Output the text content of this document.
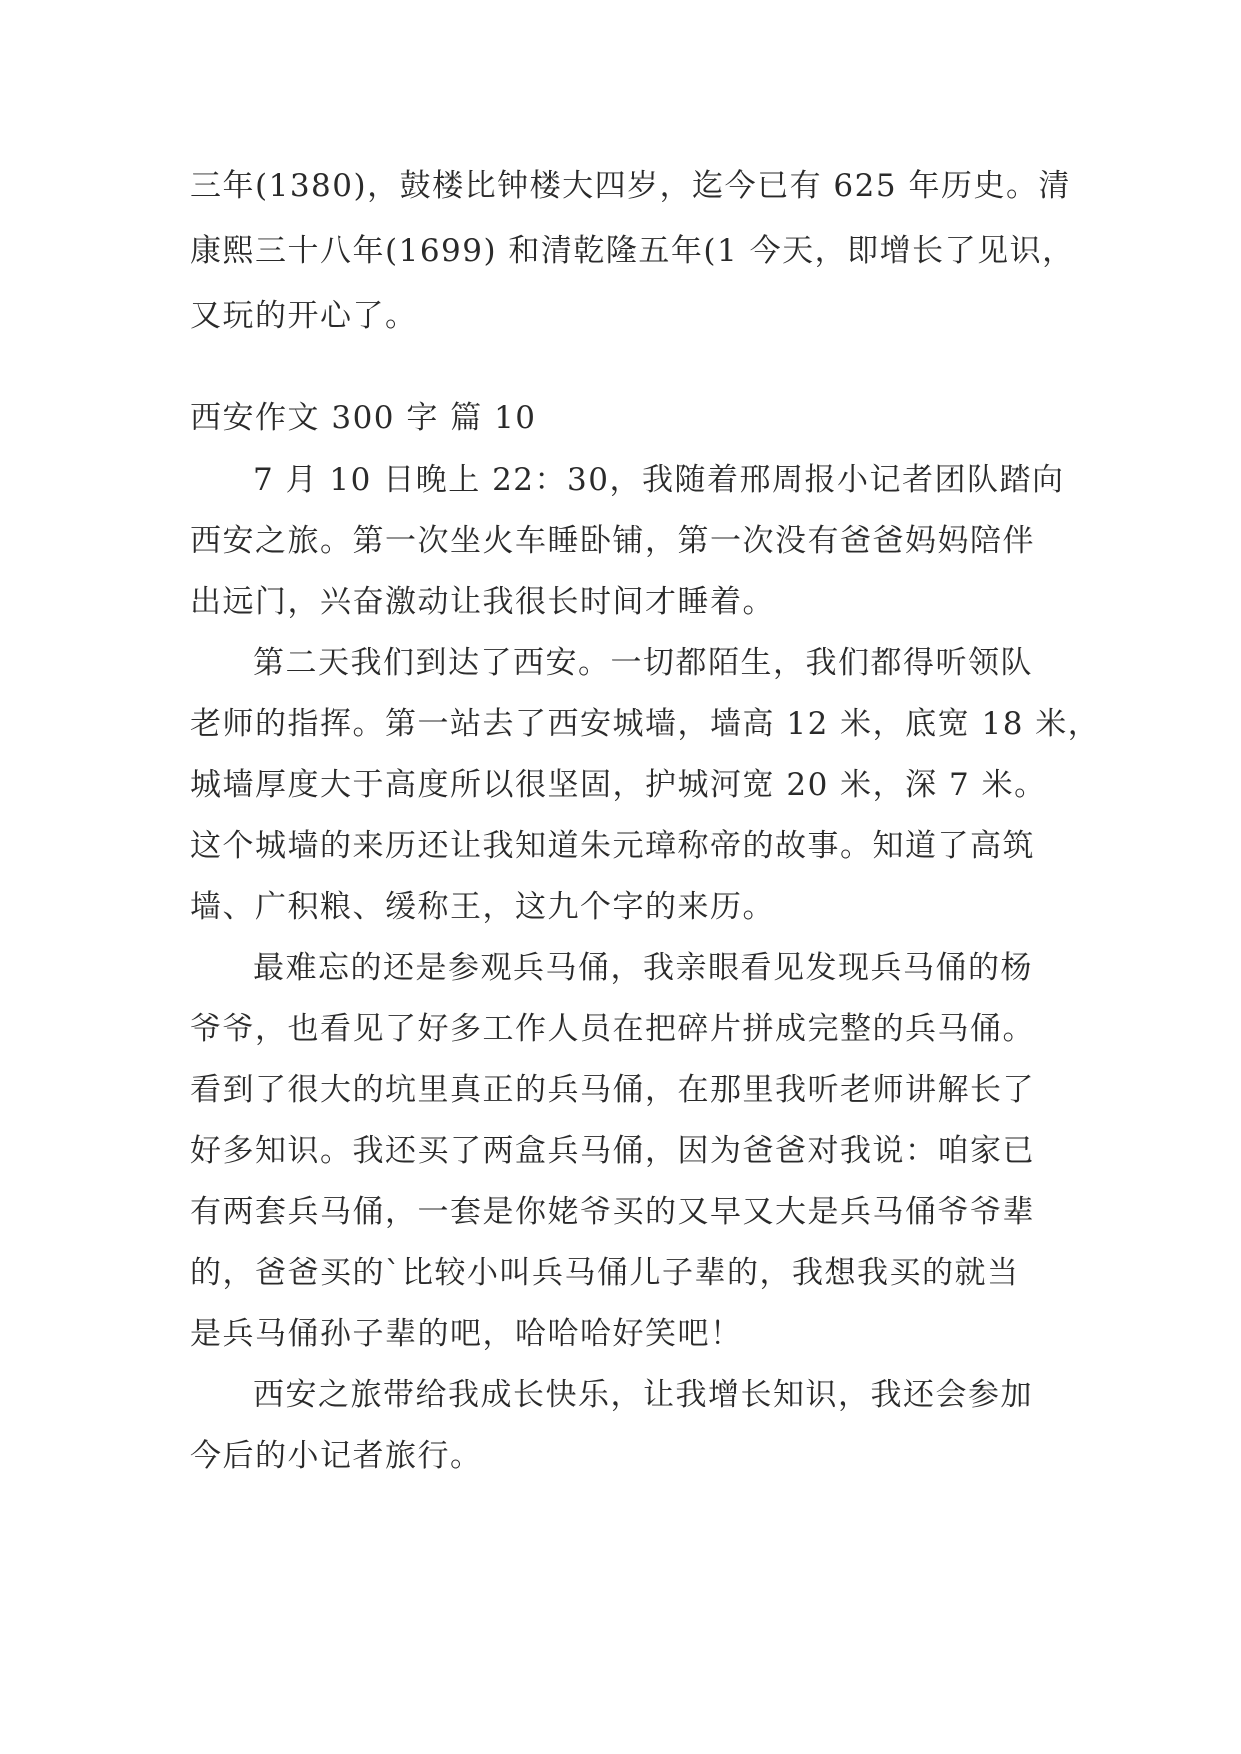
三年(1380)，鼓楼比钟楼大四岁，迄今已有 625 年历史。清
康熙三十八年(1699) 和清乾隆五年(1 今天，即增长了见识，
又玩的开心了。
西安作文 300 字 篇 10
7 月 10 日晚上 22：30，我随着邢周报小记者团队踏向
西安之旅。第一次坐火车睡卧铺，第一次没有爸爸妈妈陪伴
出远门，兴奋激动让我很长时间才睡着。
第二天我们到达了西安。一切都陌生，我们都得听领队
老师的指挥。第一站去了西安城墙，墙高 12 米，底宽 18 米，
城墙厚度大于高度所以很坚固，护城河宽 20 米，深 7 米。
这个城墙的来历还让我知道朱元璋称帝的故事。知道了高筑
墙、广积粮、缓称王，这九个字的来历。
最难忘的还是参观兵马俑，我亲眼看见发现兵马俑的杨
爷爷，也看见了好多工作人员在把碎片拼成完整的兵马俑。
看到了很大的坑里真正的兵马俑，在那里我听老师讲解长了
好多知识。我还买了两盒兵马俑，因为爸爸对我说：咱家已
有两套兵马俑，一套是你姥爷买的又早又大是兵马俑爷爷辈
的，爸爸买的`比较小叫兵马俑儿子辈的，我想我买的就当
是兵马俑孙子辈的吧，哈哈哈好笑吧！
西安之旅带给我成长快乐，让我增长知识，我还会参加
今后的小记者旅行。
